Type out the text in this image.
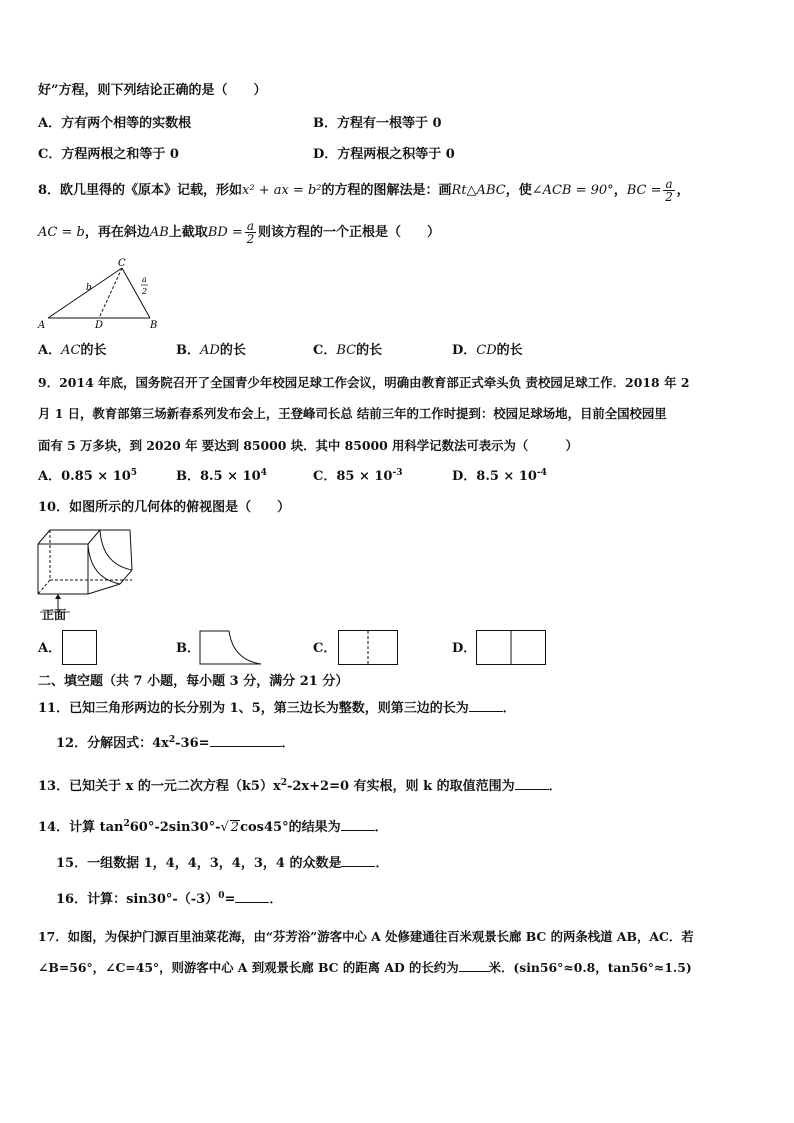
好”方程，则下列结论正确的是（　　）
A．方有两个相等的实数根	B．方程有一根等于 0
C．方程两根之和等于 0	D．方程两根之积等于 0
8．欧几里得的《原本》记载，形如x² + ax = b²的方程的图解法是：画Rt△ABC，使∠ACB = 90°，BC = $\frac{a}{2}$ ，
AC = b，再在斜边AB上截取BD = $\frac{a}{2}$ 则该方程的一个正根是（　　）
A	D	B
C
b
a
2
A．AC的长	B．AD的长	C．BC的长	D．CD的长
9．2014 年底，国务院召开了全国青少年校园足球工作会议，明确由教育部正式牵头负 责校园足球工作．2018 年 2
月 1 日，教育部第三场新春系列发布会上，王登峰司长总 结前三年的工作时提到：校园足球场地，目前全国校园里
面有 5 万多块，到 2020 年 要达到 85000 块．其中 85000 用科学记数法可表示为（　　　）
A．$0.85 \times 10^5$	B．$8.5 \times 10^4$	C．$85 \times 10^{-3}$	D．$8.5 \times 10^{-4}$
10．如图所示的几何体的俯视图是（　　）
正面
A．	B．	C．	D．
二、填空题（共 7 小题，每小题 3 分，满分 21 分）
11．已知三角形两边的长分别为 1、5，第三边长为整数，则第三边的长为	．
12．分解因式：$4x^2-36=$	．
13．已知关于 x 的一元二次方程$(k5)x^2-2x+2=0$ 有实根，则 k 的取值范围为	．
14．计算 $\tan^260^\circ-2\sin 30^\circ-√$ 2cos45°的结果为	．
15．一组数据 1，4，4，3，4，3，4 的众数是	．
16．计算：$\sin 30^\circ-(-3)^0=$	．
17．如图，为保护门源百里油菜花海，由“芬芳浴”游客中心 A 处修建通往百米观景长廊 BC 的两条栈道 AB，AC．若
∠B=56°，∠C=45°，则游客中心 A 到观景长廊 BC 的距离 AD 的长约为 米．(sin56°≈0.8，tan56°≈1.5)
